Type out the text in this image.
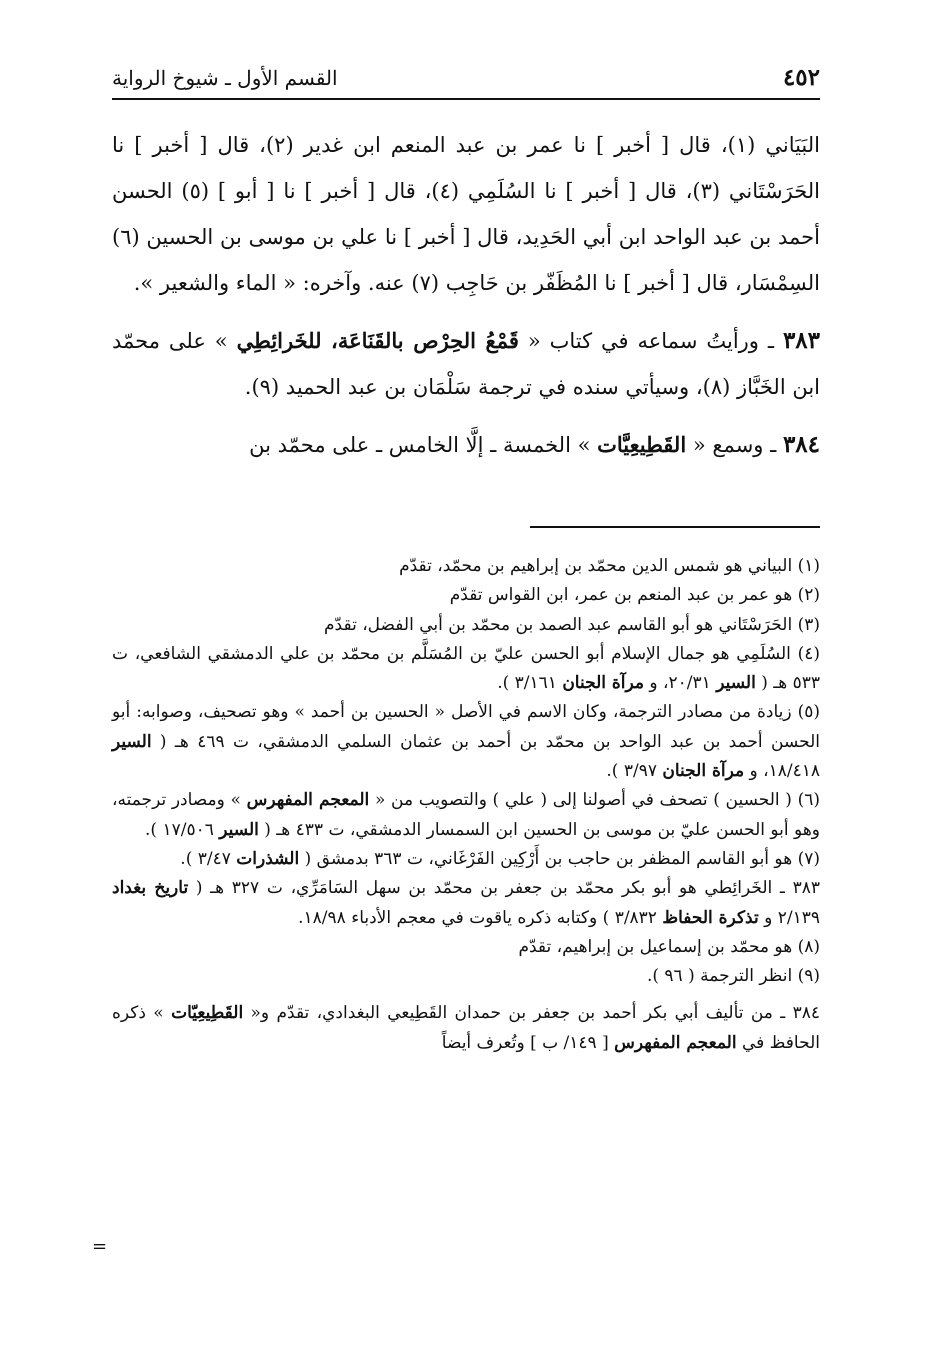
٤٥٢
القسم الأول ـ شيوخ الرواية

البَيَاني (١)، قال [ أخبر ] نا عمر بن عبد المنعم ابن غدير (٢)، قال [ أخبر ] نا الحَرَسْتَاني (٣)، قال [ أخبر ] نا السُلَمِي (٤)، قال [ أخبر ] نا [ أبو ] (٥) الحسن أحمد بن عبد الواحد ابن أبي الحَدِيد، قال [ أخبر ] نا علي بن موسى بن الحسين (٦) السِمْسَار، قال [ أخبر ] نا المُظَفّر بن حَاجِب (٧) عنه. وآخره: « الماء والشعير ».

٣٨٣ ـ ورأيتُ سماعه في كتاب « قَمْعُ الحِرْص بالقَنَاعَة، للخَرائِطِي » على محمّد ابن الخَبَّاز (٨)، وسيأتي سنده في ترجمة سَلْمَان بن عبد الحميد (٩).

٣٨٤ ـ وسمع « القَطِيعِيَّات » الخمسة ـ إلَّا الخامس ـ على محمّد بن

(١) البياني هو شمس الدين محمّد بن إبراهيم بن محمّد، تقدّم

(٢) هو عمر بن عبد المنعم بن عمر، ابن القواس تقدّم

(٣) الحَرَسْتَاني هو أبو القاسم عبد الصمد بن محمّد بن أبي الفضل، تقدّم

(٤) السُلَمِي هو جمال الإسلام أبو الحسن عليّ بن المُسَلَّم بن محمّد بن علي الدمشقي الشافعي، ت ٥٣٣ هـ ( السير ٢٠/٣١، و مرآة الجنان ٣/١٦١ ).

(٥) زيادة من مصادر الترجمة، وكان الاسم في الأصل « الحسين بن أحمد » وهو تصحيف، وصوابه: أبو الحسن أحمد بن عبد الواحد بن محمّد بن أحمد بن عثمان السلمي الدمشقي، ت ٤٦٩ هـ ( السير ١٨/٤١٨، و مرآة الجنان ٣/٩٧ ).

(٦) ( الحسين ) تصحف في أصولنا إلى ( علي ) والتصويب من « المعجم المفهرس » ومصادر ترجمته، وهو أبو الحسن عليّ بن موسى بن الحسين ابن السمسار الدمشقي، ت ٤٣٣ هـ ( السير ١٧/٥٠٦ ).

(٧) هو أبو القاسم المظفر بن حاجب بن أَرْكِين الفَرْغَاني، ت ٣٦٣ بدمشق ( الشذرات ٣/٤٧ ).

٣٨٣ ـ الخَرائِطي هو أبو بكر محمّد بن جعفر بن محمّد بن سهل السَامَرِّي، ت ٣٢٧ هـ ( تاريخ بغداد ٢/١٣٩ و تذكرة الحفاظ ٣/٨٣٢ ) وكتابه ذكره ياقوت في معجم الأدباء ١٨/٩٨.

(٨) هو محمّد بن إسماعيل بن إبراهيم، تقدّم

(٩) انظر الترجمة ( ٩٦ ).

٣٨٤ ـ من تأليف أبي بكر أحمد بن جعفر بن حمدان القَطِيعي البغدادي، تقدّم و« القَطِيعِيّات » ذكره الحافظ في المعجم المفهرس [ ١٤٩/ ب ] وتُعرف أيضاً

=
